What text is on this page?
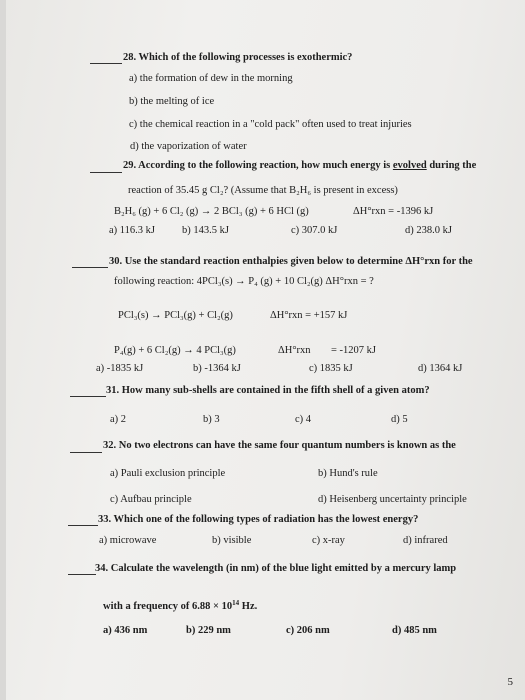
28. Which of the following processes is exothermic?
a) the formation of dew in the morning
b) the melting of ice
c) the chemical reaction in a "cold pack" often used to treat injuries
d) the vaporization of water
29. According to the following reaction, how much energy is evolved during the
reaction of 35.45 g Cl₂? (Assume that B₂H₆ is present in excess)
B₂H₆ (g) + 6 Cl₂ (g) → 2 BCl₃ (g) + 6 HCl (g)	ΔH°rxn = -1396 kJ
a) 116.3 kJ	b) 143.5 kJ	c) 307.0 kJ	d) 238.0 kJ
30. Use the standard reaction enthalpies given below to determine ΔH°rxn for the
following reaction: 4PCl₃(s) → P₄ (g) + 10 Cl₂(g) ΔH°rxn = ?
PCl₃(s) → PCl₃(g) + Cl₂(g)	ΔH°rxn = +157 kJ
P₄(g) + 6 Cl₂(g) → 4 PCl₃(g)	ΔH°rxn = -1207 kJ
a) -1835 kJ	b) -1364 kJ	c) 1835 kJ	d) 1364 kJ
31. How many sub-shells are contained in the fifth shell of a given atom?
a) 2	b) 3	c) 4	d) 5
32. No two electrons can have the same four quantum numbers is known as the
a) Pauli exclusion principle	b) Hund's rule
c) Aufbau principle	d) Heisenberg uncertainty principle
33. Which one of the following types of radiation has the lowest energy?
a) microwave	b) visible	c) x-ray	d) infrared
34. Calculate the wavelength (in nm) of the blue light emitted by a mercury lamp
with a frequency of $6.88 \times 10^{14}$ Hz.
a) 436 nm	b) 229 nm	c) 206 nm	d) 485 nm
5
